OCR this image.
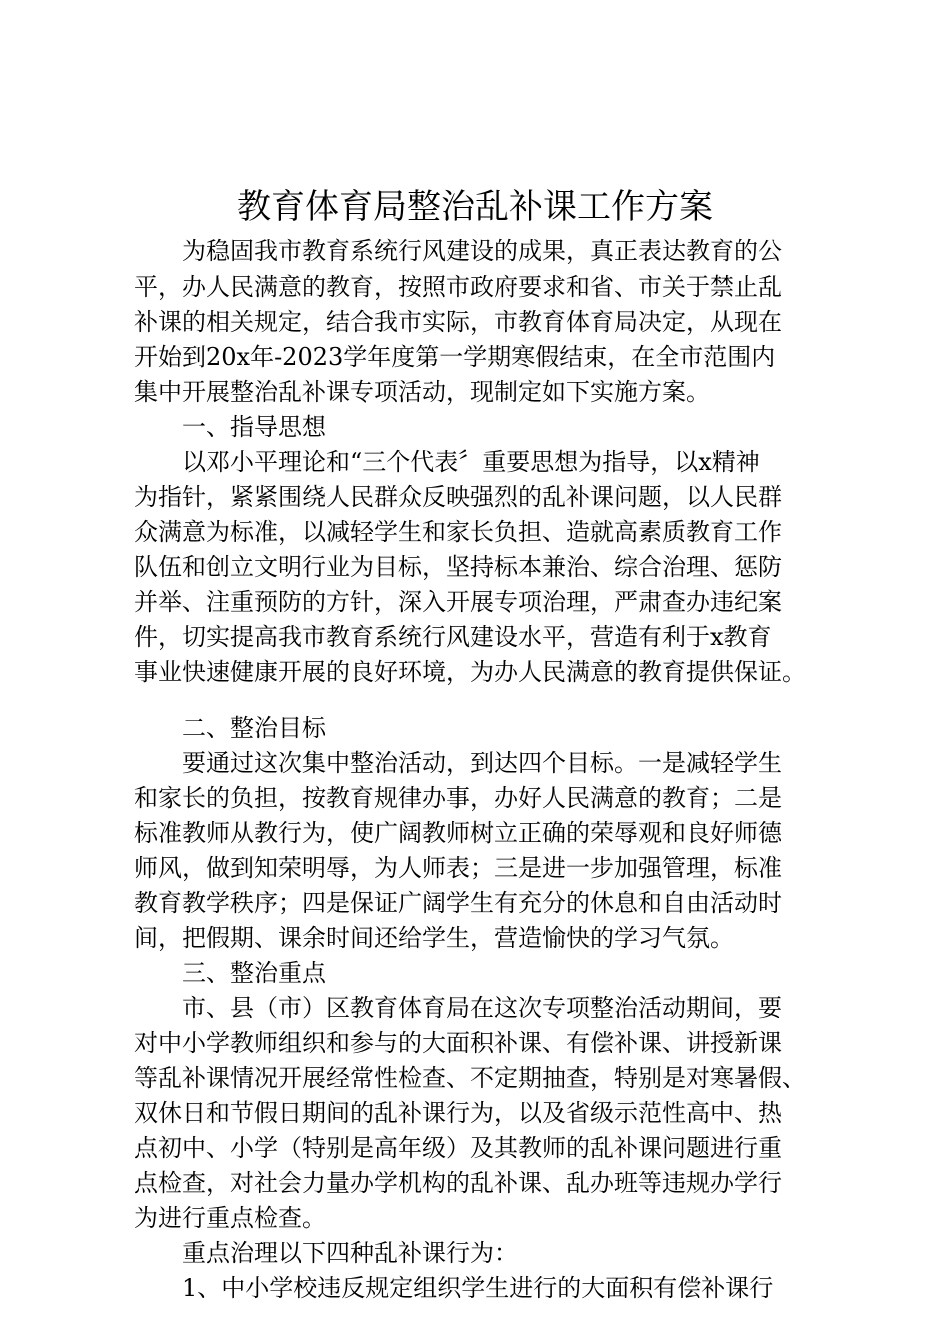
教育体育局整治乱补课工作方案
为稳固我市教育系统行风建设的成果，真正表达教育的公
平，办人民满意的教育，按照市政府要求和省、市关于禁止乱
补课的相关规定，结合我市实际，市教育体育局决定，从现在
开始到20x年-2023学年度第一学期寒假结束，在全市范围内
集中开展整治乱补课专项活动，现制定如下实施方案。
一、指导思想
以邓小平理论和“三个代表〞重要思想为指导，以x精神
为指针，紧紧围绕人民群众反映强烈的乱补课问题，以人民群
众满意为标准，以减轻学生和家长负担、造就高素质教育工作
队伍和创立文明行业为目标，坚持标本兼治、综合治理、惩防
并举、注重预防的方针，深入开展专项治理，严肃查办违纪案
件，切实提高我市教育系统行风建设水平，营造有利于x教育
事业快速健康开展的良好环境，为办人民满意的教育提供保证。
二、整治目标
要通过这次集中整治活动，到达四个目标。一是减轻学生
和家长的负担，按教育规律办事，办好人民满意的教育；二是
标准教师从教行为，使广阔教师树立正确的荣辱观和良好师德
师风，做到知荣明辱，为人师表；三是进一步加强管理，标准
教育教学秩序；四是保证广阔学生有充分的休息和自由活动时
间，把假期、课余时间还给学生，营造愉快的学习气氛。
三、整治重点
市、县（市）区教育体育局在这次专项整治活动期间，要
对中小学教师组织和参与的大面积补课、有偿补课、讲授新课
等乱补课情况开展经常性检查、不定期抽查，特别是对寒暑假、
双休日和节假日期间的乱补课行为，以及省级示范性高中、热
点初中、小学（特别是高年级）及其教师的乱补课问题进行重
点检查，对社会力量办学机构的乱补课、乱办班等违规办学行
为进行重点检查。
重点治理以下四种乱补课行为：
1、中小学校违反规定组织学生进行的大面积有偿补课行
